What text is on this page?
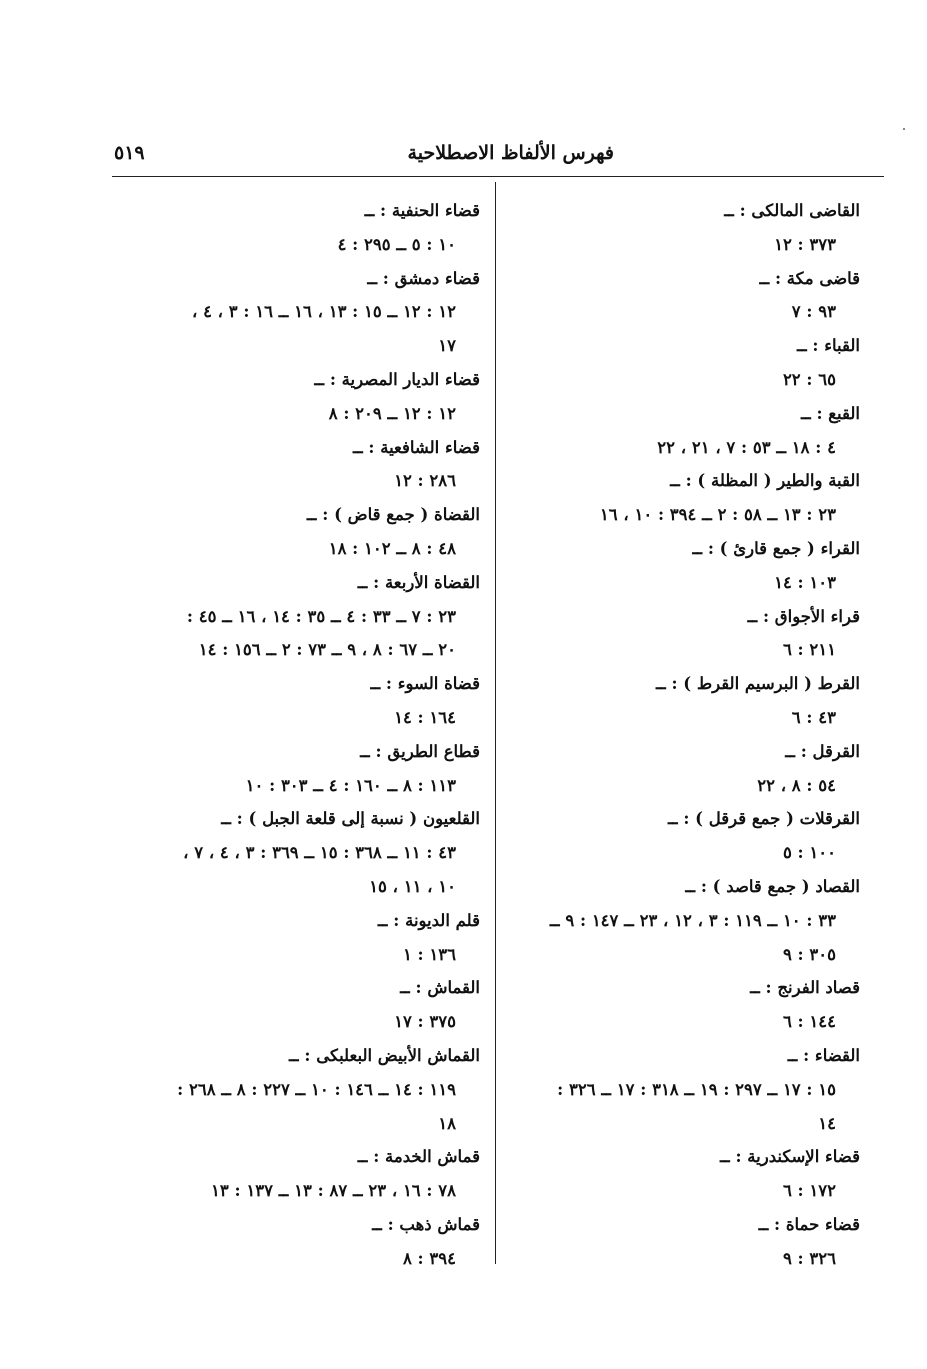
فهرس الألفاظ الاصطلاحية
٥١٩
القاضى المالكى : ــ
٣٧٣ : ١٢
قاضى مكة : ــ
٩٣ : ٧
القباء : ــ
٦٥ : ٢٢
القبع : ــ
٤ : ١٨ ــ ٥٣ : ٧ ، ٢١ ، ٢٢
القبة والطير ( المظلة ) : ــ
٢٣ : ١٣ ــ ٥٨ : ٢ ــ ٣٩٤ : ١٠ ، ١٦
القراء ( جمع قارئ ) : ــ
١٠٣ : ١٤
قراء الأجواق : ــ
٢١١ : ٦
القرط ( البرسيم القرط ) : ــ
٤٣ : ٦
القرقل : ــ
٥٤ : ٨ ، ٢٢
القرقلات ( جمع قرقل ) : ــ
١٠٠ : ٥
القصاد ( جمع قاصد ) : ــ
٣٣ : ١٠ ــ ١١٩ : ٣ ، ١٢ ، ٢٣ ــ ١٤٧ : ٩ ــ
٣٠٥ : ٩
قصاد الفرنج : ــ
١٤٤ : ٦
القضاء : ــ
١٥ : ١٧ ــ ٢٩٧ : ١٩ ــ ٣١٨ : ١٧ ــ ٣٢٦ :
١٤
قضاء الإسكندرية : ــ
١٧٢ : ٦
قضاء حماة : ــ
٣٢٦ : ٩
قضاء الحنفية : ــ
١٠ : ٥ ــ ٢٩٥ : ٤
قضاء دمشق : ــ
١٢ : ١٢ ــ ١٥ : ١٣ ، ١٦ ــ ١٦ : ٣ ، ٤ ،
١٧
قضاء الديار المصرية : ــ
١٢ : ١٢ ــ ٢٠٩ : ٨
قضاء الشافعية : ــ
٢٨٦ : ١٢
القضاة ( جمع قاض ) : ــ
٤٨ : ٨ ــ ١٠٢ : ١٨
القضاة الأربعة : ــ
٢٣ : ٧ ــ ٣٣ : ٤ ــ ٣٥ : ١٤ ، ١٦ ــ ٤٥ :
٢٠ ــ ٦٧ : ٨ ، ٩ ــ ٧٣ : ٢ ــ ١٥٦ : ١٤
قضاة السوء : ــ
١٦٤ : ١٤
قطاع الطريق : ــ
١١٣ : ٨ ــ ١٦٠ : ٤ ــ ٣٠٣ : ١٠
القلعيون ( نسبة إلى قلعة الجبل ) : ــ
٤٣ : ١١ ــ ٣٦٨ : ١٥ ــ ٣٦٩ : ٣ ، ٤ ، ٧ ،
١٠ ، ١١ ، ١٥
قلم الديونة : ــ
١٣٦ : ١
القماش : ــ
٣٧٥ : ١٧
القماش الأبيض البعلبكى : ــ
١١٩ : ١٤ ــ ١٤٦ : ١٠ ــ ٢٢٧ : ٨ ــ ٢٦٨ :
١٨
قماش الخدمة : ــ
٧٨ : ١٦ ، ٢٣ ــ ٨٧ : ١٣ ــ ١٣٧ : ١٣
قماش ذهب : ــ
٣٩٤ : ٨
